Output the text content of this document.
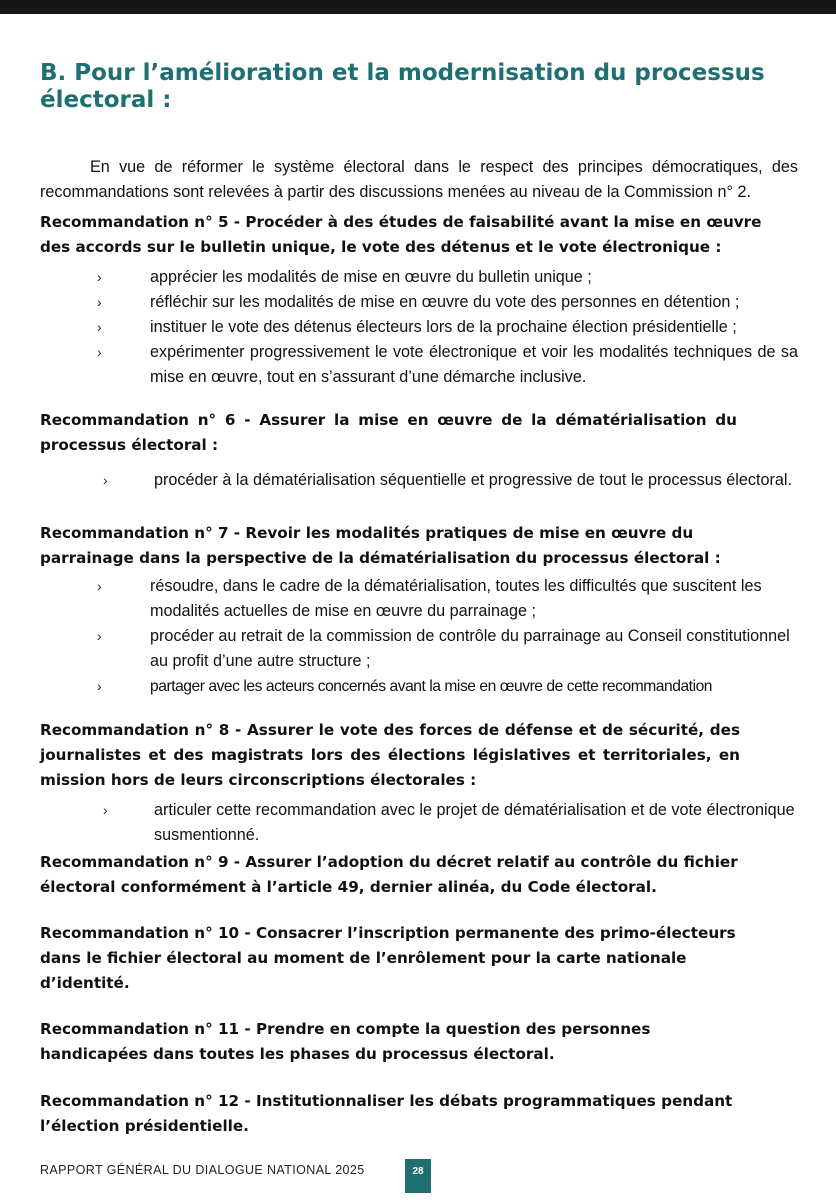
B. Pour l’amélioration et la modernisation du processus électoral :

En vue de réformer le système électoral dans le respect des principes démocratiques, des recommandations sont relevées à partir des discussions menées au niveau de la Commission n° 2.

Recommandation n° 5 - Procéder à des études de faisabilité avant la mise en œuvre des accords sur le bulletin unique, le vote des détenus et le vote électronique :

›	apprécier les modalités de mise en œuvre du bulletin unique ;
›	réfléchir sur les modalités de mise en œuvre du vote des personnes en détention ;
›	instituer le vote des détenus électeurs lors de la prochaine élection présidentielle ;
›	expérimenter progressivement le vote électronique et voir les modalités techniques de sa mise en œuvre, tout en s’assurant d’une démarche inclusive.

Recommandation n° 6 - Assurer la mise en œuvre de la dématérialisation du processus électoral :

›	procéder à la dématérialisation séquentielle et progressive de tout le processus électoral.

Recommandation n° 7 - Revoir les modalités pratiques de mise en œuvre du parrainage dans la perspective de la dématérialisation du processus électoral :

›	résoudre, dans le cadre de la dématérialisation, toutes les difficultés que suscitent les modalités actuelles de mise en œuvre du parrainage ;
›	procéder au retrait de la commission de contrôle du parrainage au Conseil constitutionnel au profit d’une autre structure ;
›	partager avec les acteurs concernés avant la mise en œuvre de cette recommandation

Recommandation n° 8 - Assurer le vote des forces de défense et de sécurité, des journalistes et des magistrats lors des élections législatives et territoriales, en mission hors de leurs circonscriptions électorales :

›	articuler cette recommandation avec le projet de dématérialisation et de vote électronique susmentionné.

Recommandation n° 9 - Assurer l’adoption du décret relatif au contrôle du fichier électoral conformément à l’article 49, dernier alinéa, du Code électoral.

Recommandation n° 10 - Consacrer l’inscription permanente des primo-électeurs dans le fichier électoral au moment de l’enrôlement pour la carte nationale d’identité.

Recommandation n° 11 - Prendre en compte la question des personnes handicapées dans toutes les phases du processus électoral.

Recommandation n° 12 - Institutionnaliser les débats programmatiques pendant l’élection présidentielle.

RAPPORT GÉNÉRAL DU DIALOGUE NATIONAL 2025	28
